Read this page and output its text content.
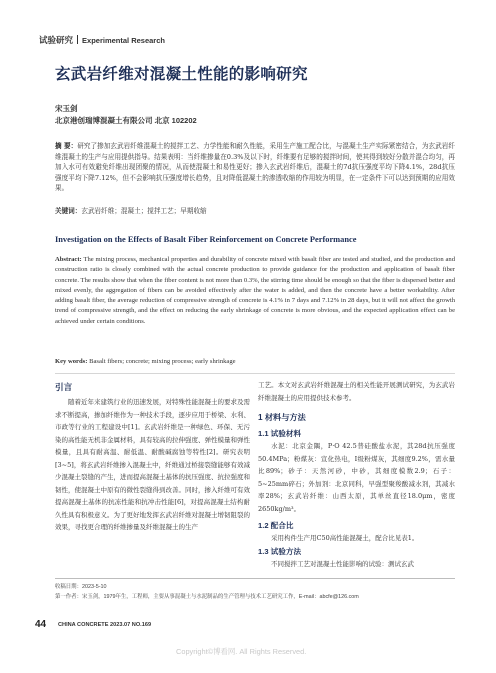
试验研究 Experimental Research
玄武岩纤维对混凝土性能的影响研究
宋玉剑
北京港创瑞博混凝土有限公司 北京 102202
摘 要：研究了掺加玄武岩纤维混凝土的搅拌工艺、力学性能和耐久性能，采用生产施工配合比，与混凝土生产实际紧密结合，为玄武岩纤维混凝土的生产与应用提供指导。结果表明：当纤维掺量在0.3%及以下时，纤维要有足够的搅拌时间，使其得到较好分散并混合均匀，再加入水可有效避免纤维出现团聚的情况，从而使混凝土和易性更好；掺入玄武岩纤维后，混凝土的7d抗压强度平均下降4.1%，28d抗压强度平均下降7.12%，但不会影响抗压强度增长趋势，且对降低混凝土的渗透收缩的作用较为明显，在一定条件下可以达到预期的应用效果。
关键词：玄武岩纤维；混凝土；搅拌工艺；早期收缩
Investigation on the Effects of Basalt Fiber Reinforcement on Concrete Performance
Abstract: The mixing process, mechanical properties and durability of concrete mixed with basalt fiber are tested and studied, and the production and construction ratio is closely combined with the actual concrete production to provide guidance for the production and application of basalt fiber concrete. The results show that when the fiber content is not more than 0.3%, the stirring time should be enough so that the fiber is dispersed better and mixed evenly, the aggregation of fibers can be avoided effectively after the water is added, and then the concrete have a better workability. After adding basalt fiber, the average reduction of compressive strength of concrete is 4.1% in 7 days and 7.12% in 28 days, but it will not affect the growth trend of compressive strength, and the effect on reducing the early shrinkage of concrete is more obvious, and the expected application effect can be achieved under certain conditions.
Key words: Basalt fibers; concrete; mixing process; early shrinkage
引言

随着近年来建筑行业的迅速发展，对特殊性能混凝土的要求及需求不断提高，掺加纤维作为一种技术手段，逐步应用于桥梁、水利、市政等行业的工程建设中[1]。玄武岩纤维是一种绿色、环保、无污染的高性能无机非金属材料，具有较高的拉伸强度、弹性模量和弹性模量，且具有耐高温、耐低温、耐酸碱腐蚀等特性[2]。研究表明[3~5]，将玄武岩纤维掺入混凝土中，纤维通过桥接裂缝能够有效减少混凝土裂缝的产生，进而提高混凝土基体的抗压强度、抗拉强度和韧性，使混凝土中原有的微性裂缝得到改善。同时，掺入纤维可有效提高混凝土基体的抗冻性能和抗冲击性能[6]，对提高混凝土结构耐久性具有积极意义。为了更好地发挥玄武岩纤维对混凝土增韧阻裂的效果，寻找更合理的纤维掺量及纤维混凝土的生产

工艺。本文对玄武岩纤维混凝土的相关性能开展测试研究，为玄武岩纤维混凝土的应用提供技术参考。
1 材料与方法
1.1 试验材料

水泥：北京金隅，P·O 42.5普硅酸盐水泥，其28d抗压强度50.4MPa；粉煤灰：宣化热电，I级粉煤灰，其细度9.2%，需水量比89%；砂子：天然河砂，中砂，其细度模数2.9；石子：5~25mm碎石；外加剂：北京同科，早强型聚羧酸减水剂，其减水率28%；玄武岩纤维：山西太原，其单丝直径18.0μm，密度2650kg/m³。

1.2 配合比
采用构件生产用C50高性能混凝土，配合比见表1。
1.3 试验方法
不同搅拌工艺对混凝土性能影响的试验：测试玄武
收稿日期：2023-5-10
第一作者：宋玉剑，1979年生，工程师，主要从事混凝土与水泥制品的生产管理与技术工艺研究工作，E-mail：abcfe@126.com
44 CHINA CONCRETE 2023.07 NO.169
Copyright©博看网. All Rights Reserved.
